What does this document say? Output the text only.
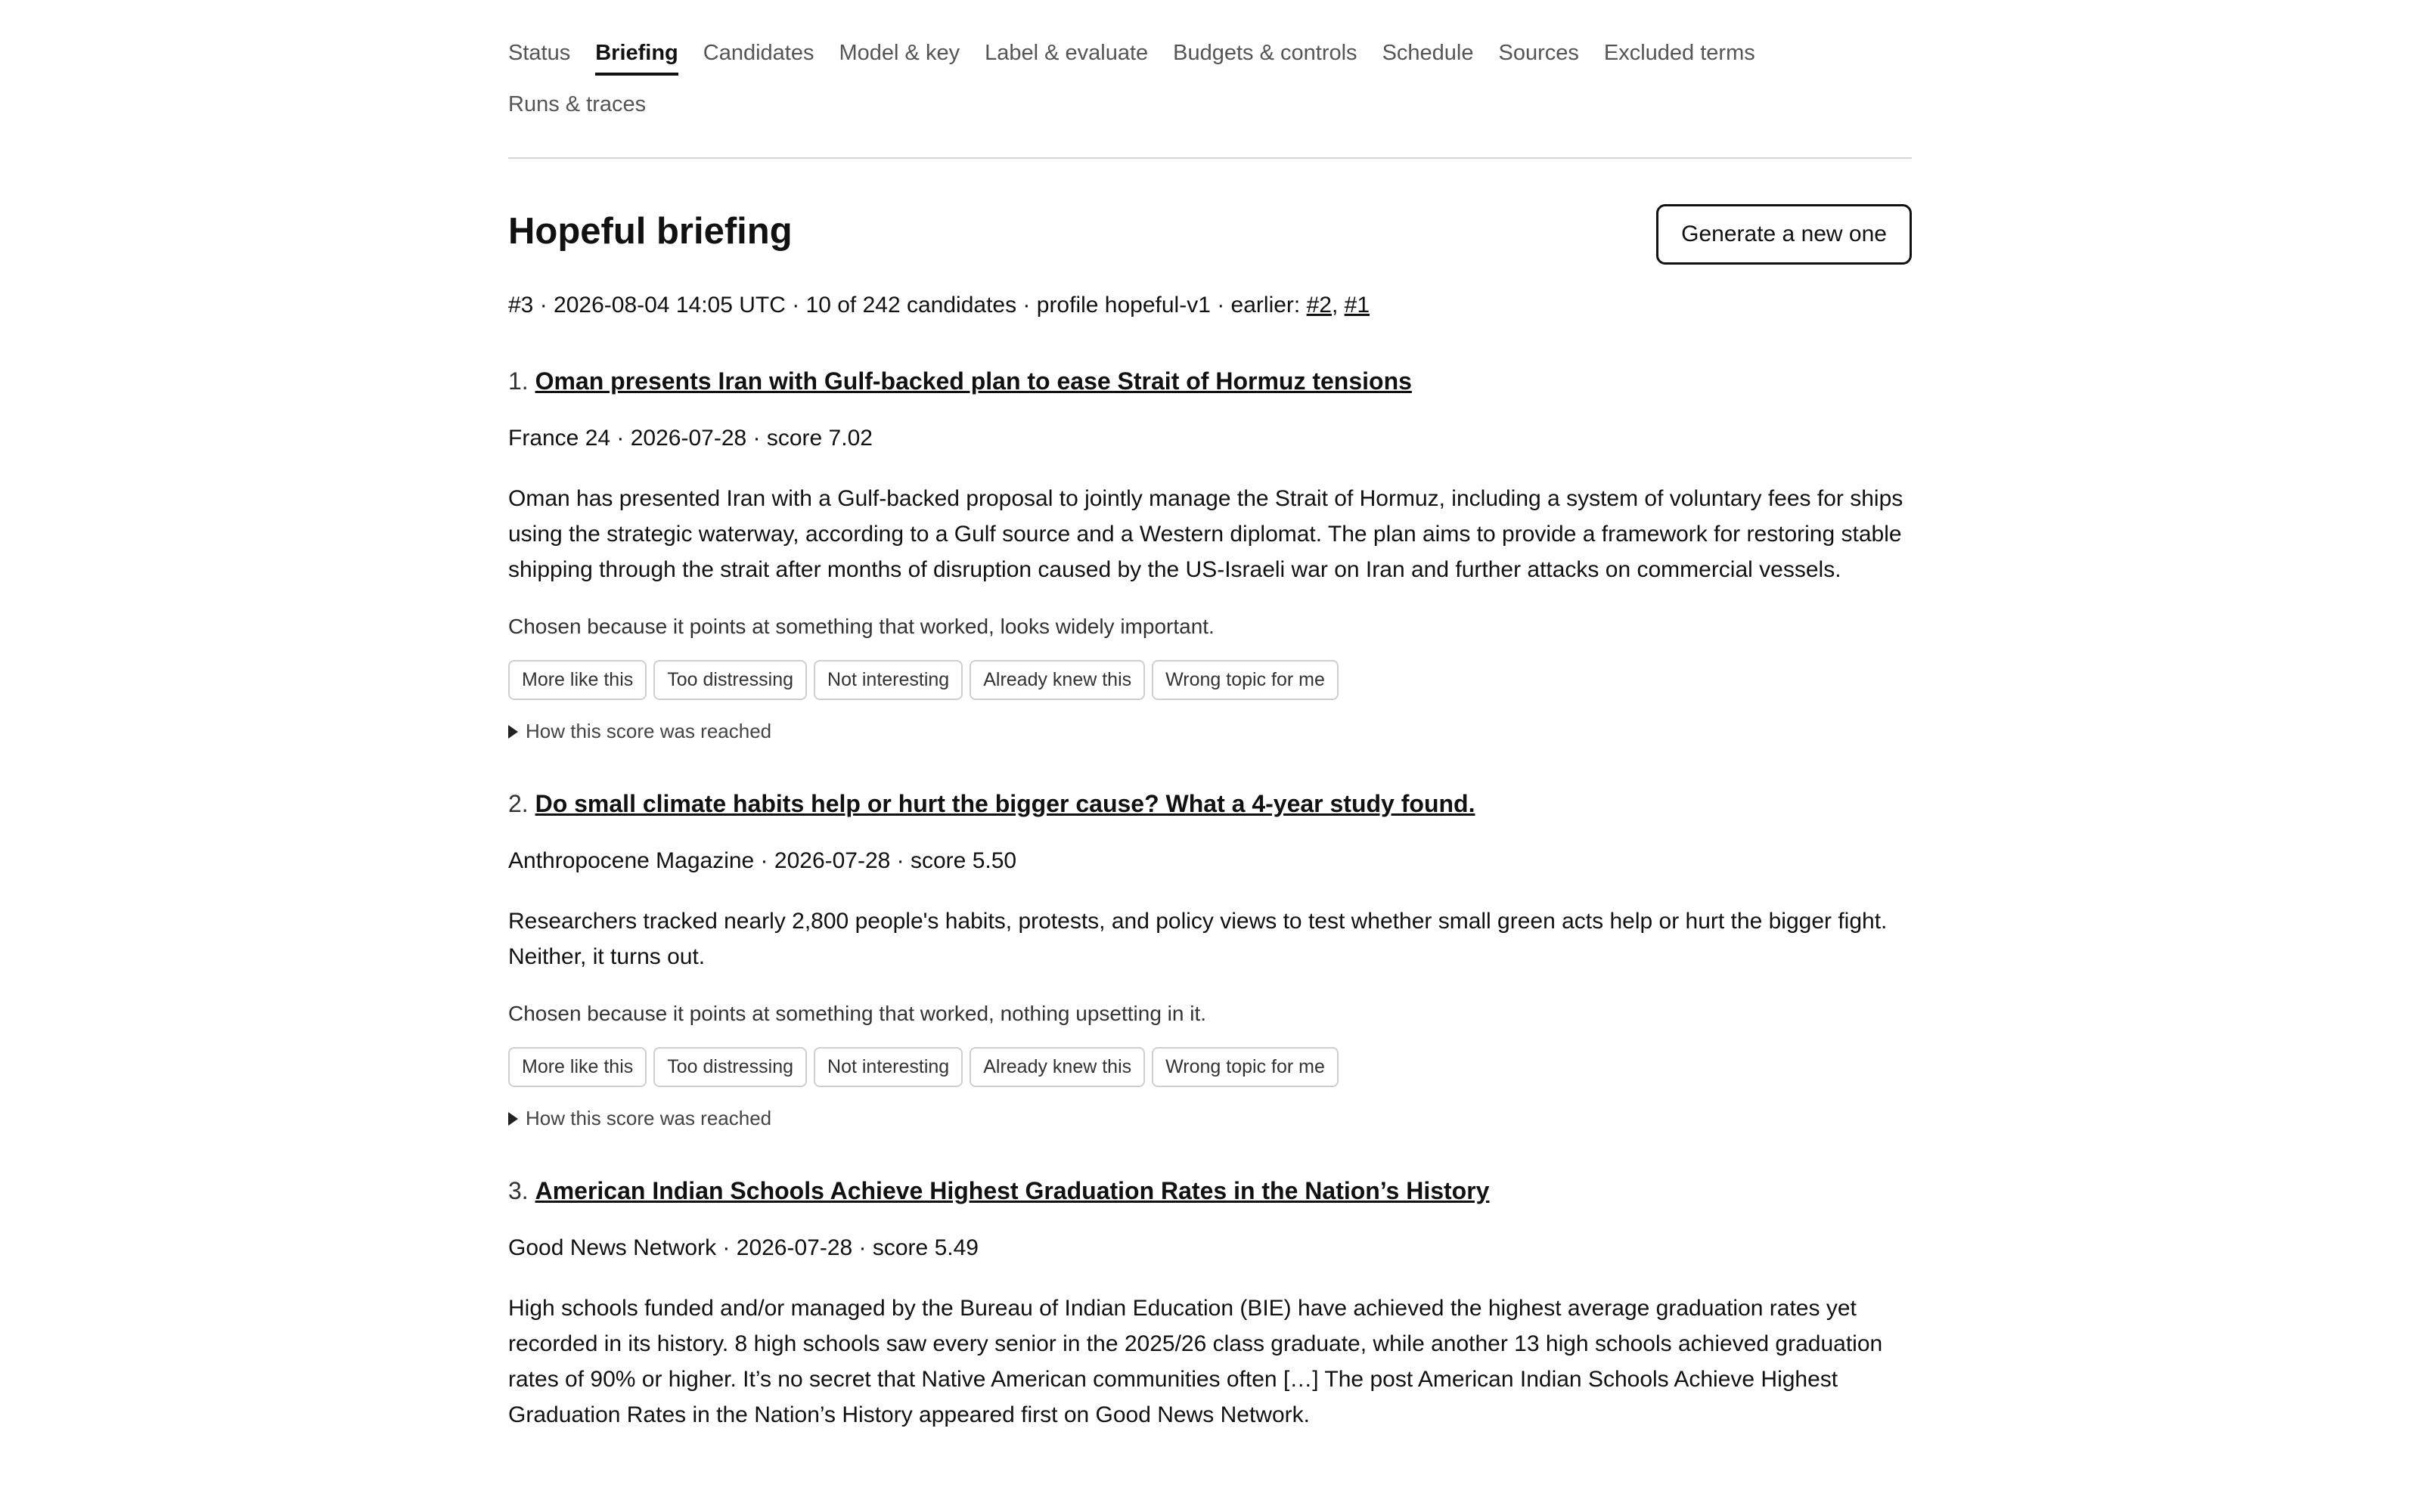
Status Briefing Candidates Model & key Label & evaluate Budgets & controls Schedule Sources Excluded terms
Runs & traces
Hopeful briefing	Generate a new one
#3 · 2026-08-04 14:05 UTC · 10 of 242 candidates · profile hopeful-v1 · earlier: #2, #1
1. Oman presents Iran with Gulf-backed plan to ease Strait of Hormuz tensions
France 24 · 2026-07-28 · score 7.02
Oman has presented Iran with a Gulf-backed proposal to jointly manage the Strait of Hormuz, including a system of voluntary fees for ships using the strategic waterway, according to a Gulf source and a Western diplomat. The plan aims to provide a framework for restoring stable shipping through the strait after months of disruption caused by the US-Israeli war on Iran and further attacks on commercial vessels.
Chosen because it points at something that worked, looks widely important.
More like this	Too distressing	Not interesting	Already knew this	Wrong topic for me
How this score was reached
2. Do small climate habits help or hurt the bigger cause? What a 4-year study found.
Anthropocene Magazine · 2026-07-28 · score 5.50
Researchers tracked nearly 2,800 people's habits, protests, and policy views to test whether small green acts help or hurt the bigger fight. Neither, it turns out.
Chosen because it points at something that worked, nothing upsetting in it.
More like this	Too distressing	Not interesting	Already knew this	Wrong topic for me
How this score was reached
3. American Indian Schools Achieve Highest Graduation Rates in the Nation’s History
Good News Network · 2026-07-28 · score 5.49
High schools funded and/or managed by the Bureau of Indian Education (BIE) have achieved the highest average graduation rates yet recorded in its history. 8 high schools saw every senior in the 2025/26 class graduate, while another 13 high schools achieved graduation rates of 90% or higher. It’s no secret that Native American communities often […] The post American Indian Schools Achieve Highest Graduation Rates in the Nation’s History appeared first on Good News Network.
